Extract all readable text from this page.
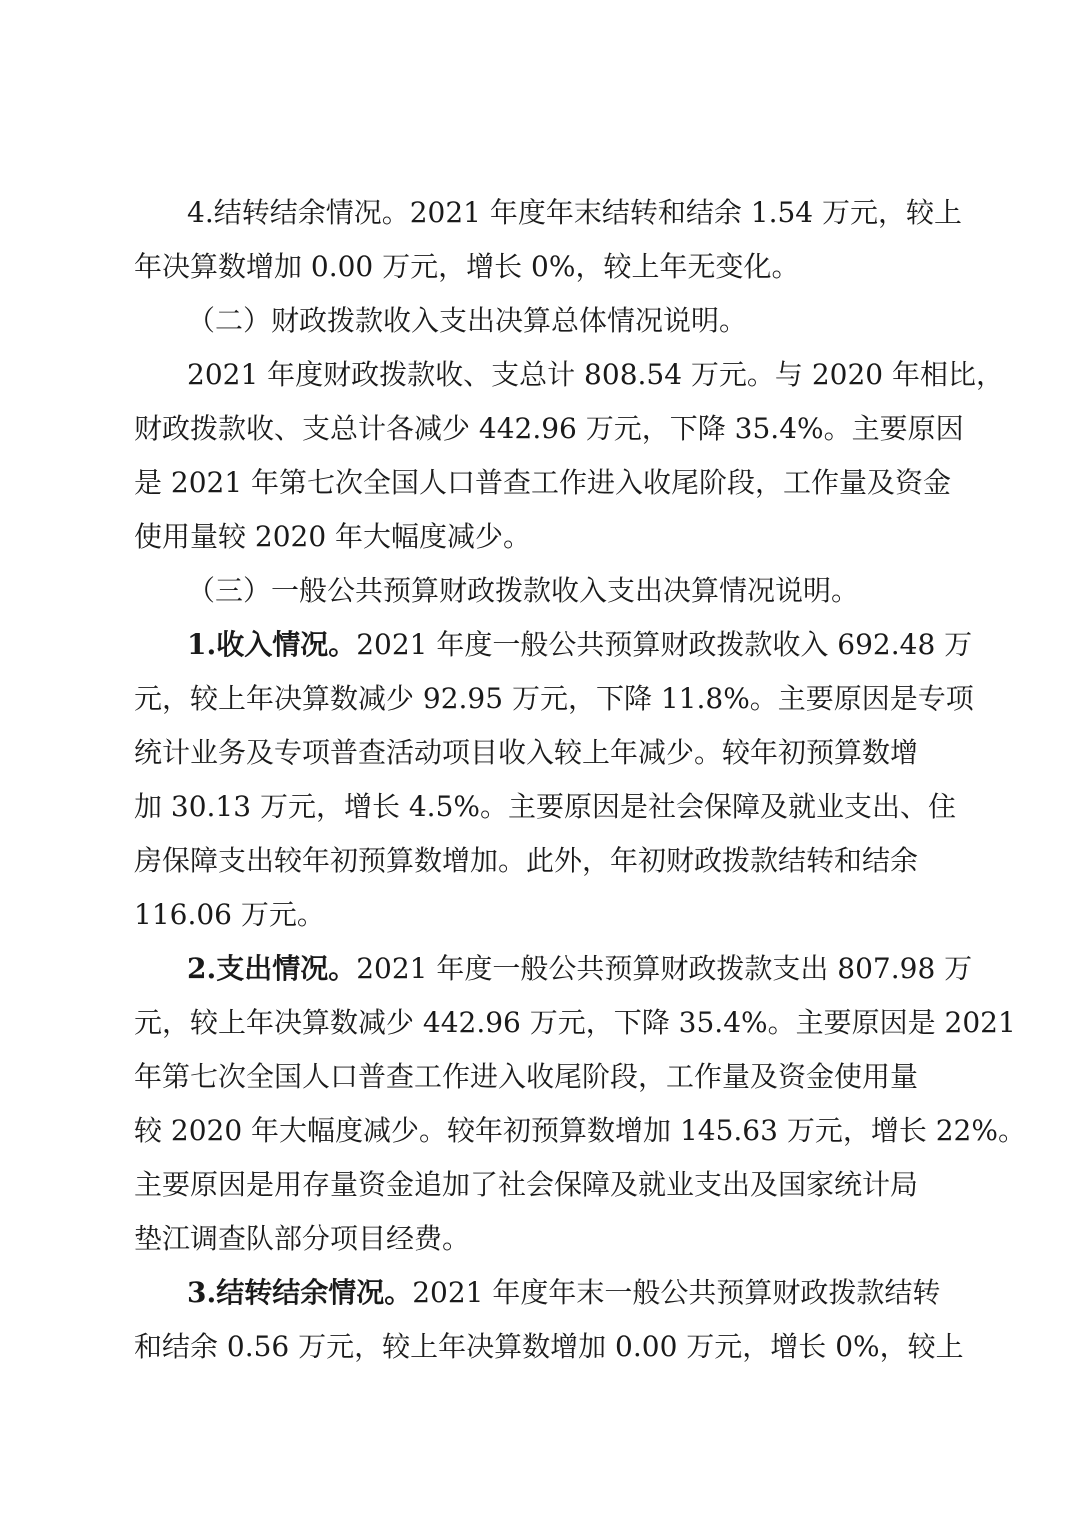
4.结转结余情况。2021 年度年末结转和结余 1.54 万元，较上
年决算数增加 0.00 万元，增长 0%，较上年无变化。
（二）财政拨款收入支出决算总体情况说明。
2021 年度财政拨款收、支总计 808.54 万元。与 2020 年相比，
财政拨款收、支总计各减少 442.96 万元，下降 35.4%。主要原因
是 2021 年第七次全国人口普查工作进入收尾阶段，工作量及资金
使用量较 2020 年大幅度减少。
（三）一般公共预算财政拨款收入支出决算情况说明。
1.收入情况。2021 年度一般公共预算财政拨款收入 692.48 万
元，较上年决算数减少 92.95 万元，下降 11.8%。主要原因是专项
统计业务及专项普查活动项目收入较上年减少。较年初预算数增
加 30.13 万元，增长 4.5%。主要原因是社会保障及就业支出、住
房保障支出较年初预算数增加。此外，年初财政拨款结转和结余
116.06 万元。
2.支出情况。2021 年度一般公共预算财政拨款支出 807.98 万
元，较上年决算数减少 442.96 万元，下降 35.4%。主要原因是 2021
年第七次全国人口普查工作进入收尾阶段，工作量及资金使用量
较 2020 年大幅度减少。较年初预算数增加 145.63 万元，增长 22%。
主要原因是用存量资金追加了社会保障及就业支出及国家统计局
垫江调查队部分项目经费。
3.结转结余情况。2021 年度年末一般公共预算财政拨款结转
和结余 0.56 万元，较上年决算数增加 0.00 万元，增长 0%，较上
